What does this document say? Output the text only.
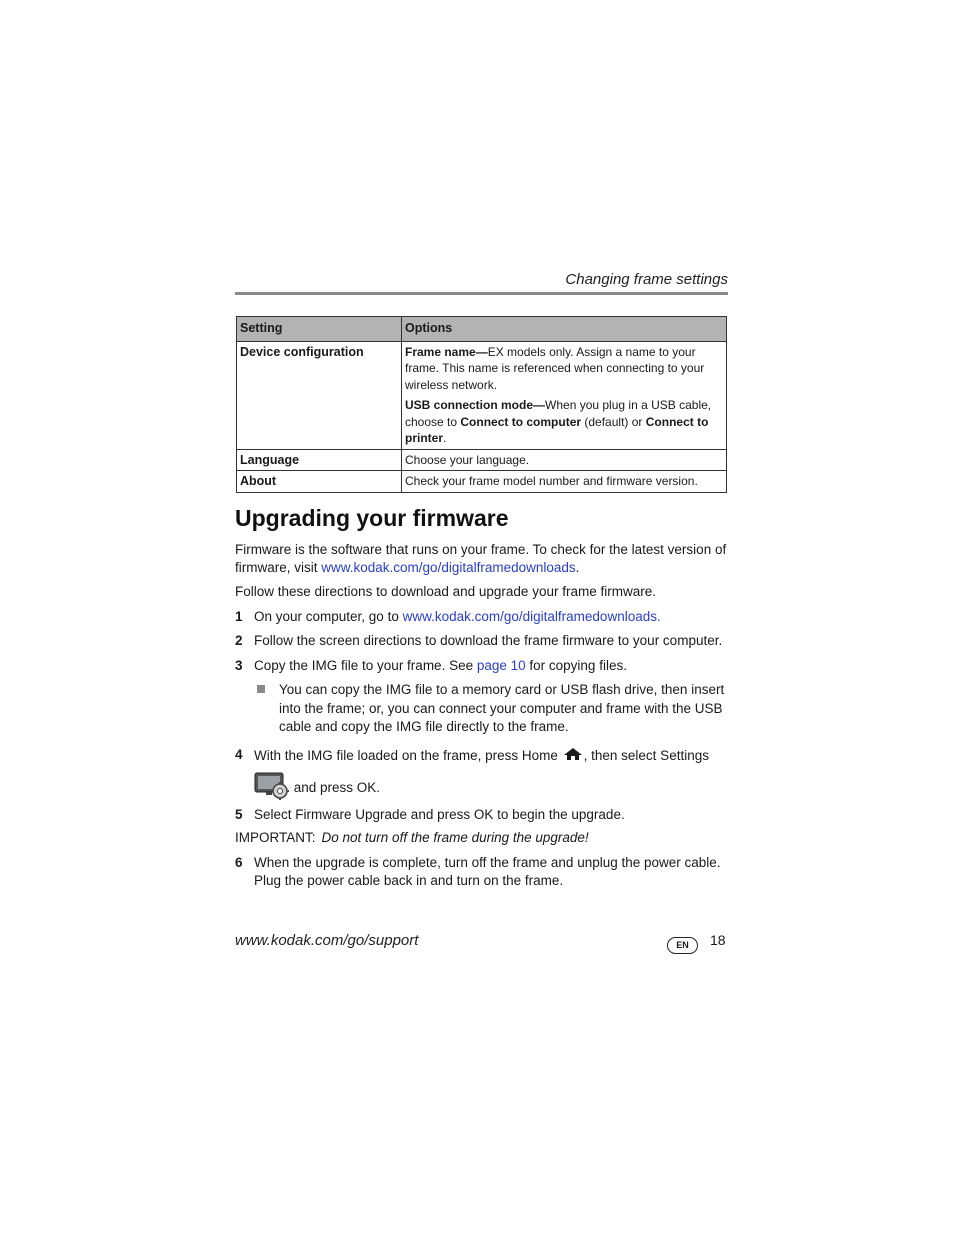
Changing frame settings
Setting	Options
Device configuration	Frame name—EX models only. Assign a name to your frame. This name is referenced when connecting to your wireless network.

USB connection mode—When you plug in a USB cable, choose to Connect to computer (default) or Connect to printer.

Language	Choose your language.
About	Check your frame model number and firmware version.
Upgrading your firmware
Firmware is the software that runs on your frame. To check for the latest version of firmware, visit www.kodak.com/go/digitalframedownloads.
Follow these directions to download and upgrade your frame firmware.
1 On your computer, go to www.kodak.com/go/digitalframedownloads.
2 Follow the screen directions to download the frame firmware to your computer.
3 Copy the IMG file to your frame. See page 10 for copying files.
You can copy the IMG file to a memory card or USB flash drive, then insert into the frame; or, you can connect your computer and frame with the USB cable and copy the IMG file directly to the frame.
4 With the IMG file loaded on the frame, press Home , then select Settings
and press OK.
5 Select Firmware Upgrade and press OK to begin the upgrade.
IMPORTANT: Do not turn off the frame during the upgrade!
6 When the upgrade is complete, turn off the frame and unplug the power cable. Plug the power cable back in and turn on the frame.
www.kodak.com/go/support	EN	18
